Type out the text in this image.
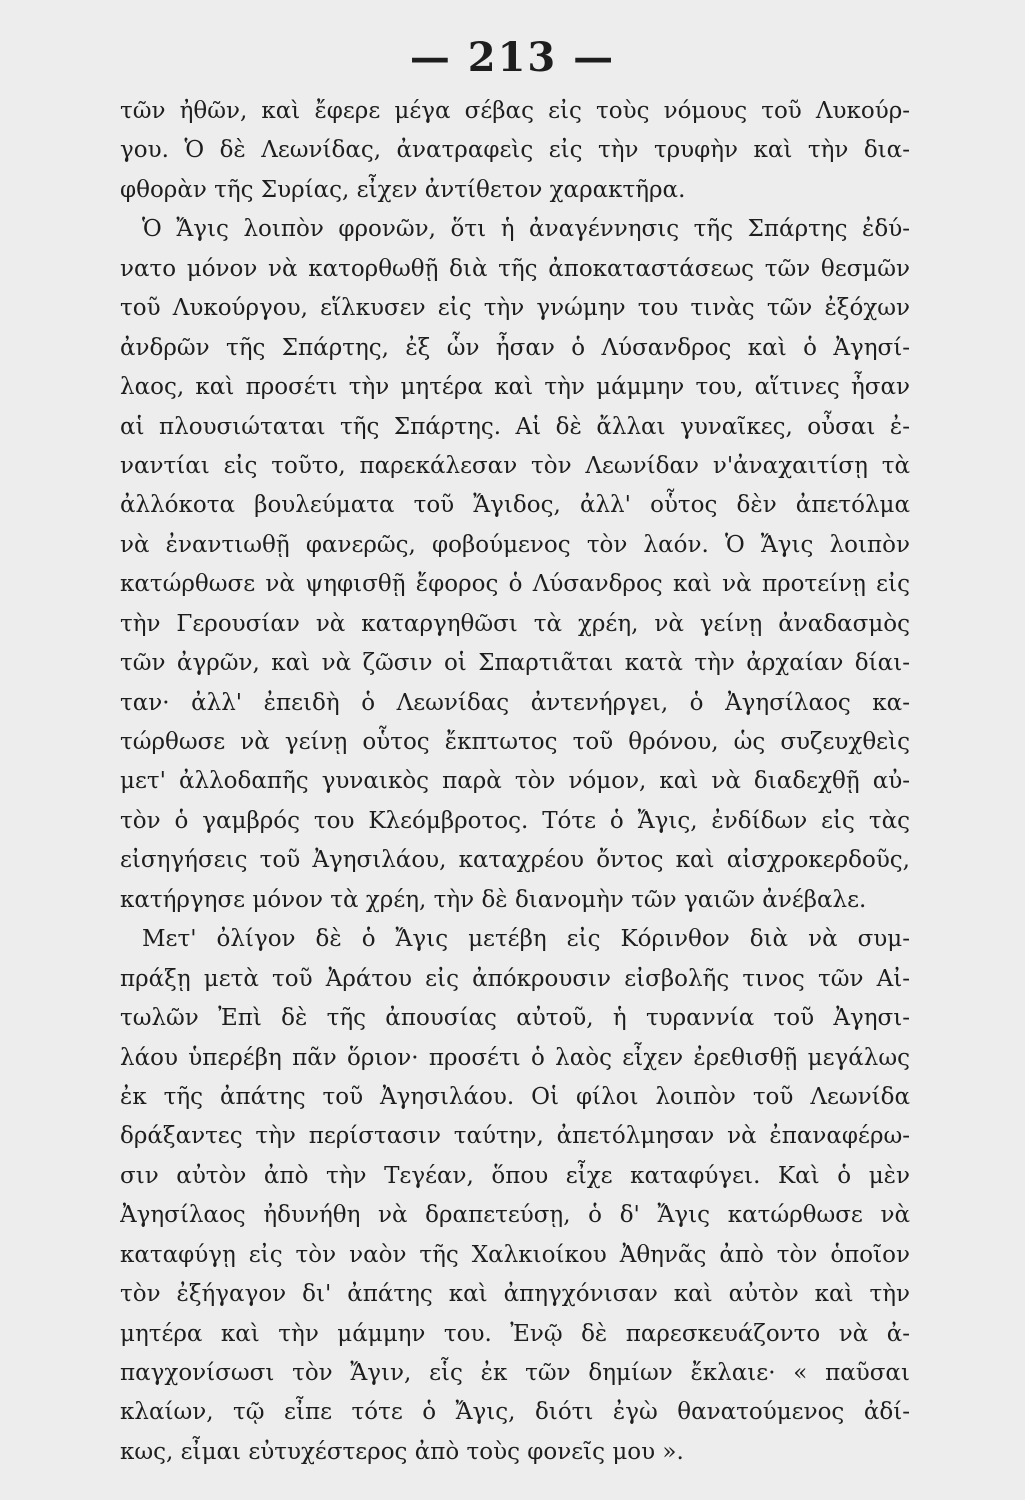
— 213 —
τῶν ἠθῶν, καὶ ἔφερε μέγα σέβας εἰς τοὺς νόμους τοῦ Λυκούρ-
γου. Ὁ δὲ Λεωνίδας, ἀνατραφεὶς εἰς τὴν τρυφὴν καὶ τὴν δια-
φθορὰν τῆς Συρίας, εἶχεν ἀντίθετον χαρακτῆρα.
Ὁ Ἄγις λοιπὸν φρονῶν, ὅτι ἡ ἀναγέννησις τῆς Σπάρτης ἐδύ-
νατο μόνον νὰ κατορθωθῇ διὰ τῆς ἀποκαταστάσεως τῶν θεσμῶν
τοῦ Λυκούργου, εἵλκυσεν εἰς τὴν γνώμην του τινὰς τῶν ἐξόχων
ἀνδρῶν τῆς Σπάρτης, ἐξ ὧν ἦσαν ὁ Λύσανδρος καὶ ὁ Ἀγησί-
λαος, καὶ προσέτι τὴν μητέρα καὶ τὴν μάμμην του, αἵτινες ἦσαν
αἱ πλουσιώταται τῆς Σπάρτης. Αἱ δὲ ἄλλαι γυναῖκες, οὖσαι ἐ-
ναντίαι εἰς τοῦτο, παρεκάλεσαν τὸν Λεωνίδαν ν'ἀναχαιτίσῃ τὰ
ἀλλόκοτα βουλεύματα τοῦ Ἄγιδος, ἀλλ' οὗτος δὲν ἀπετόλμα
νὰ ἐναντιωθῇ φανερῶς, φοβούμενος τὸν λαόν. Ὁ Ἄγις λοιπὸν
κατώρθωσε νὰ ψηφισθῇ ἔφορος ὁ Λύσανδρος καὶ νὰ προτείνῃ εἰς
τὴν Γερουσίαν νὰ καταργηθῶσι τὰ χρέη, νὰ γείνῃ ἀναδασμὸς
τῶν ἀγρῶν, καὶ νὰ ζῶσιν οἱ Σπαρτιᾶται κατὰ τὴν ἀρχαίαν δίαι-
ταν· ἀλλ' ἐπειδὴ ὁ Λεωνίδας ἀντενήργει, ὁ Ἀγησίλαος κα-
τώρθωσε νὰ γείνῃ οὗτος ἔκπτωτος τοῦ θρόνου, ὡς συζευχθεὶς
μετ' ἀλλοδαπῆς γυναικὸς παρὰ τὸν νόμον, καὶ νὰ διαδεχθῇ αὐ-
τὸν ὁ γαμβρός του Κλεόμβροτος. Τότε ὁ Ἄγις, ἐνδίδων εἰς τὰς
εἰσηγήσεις τοῦ Ἀγησιλάου, καταχρέου ὄντος καὶ αἰσχροκερδοῦς,
κατήργησε μόνον τὰ χρέη, τὴν δὲ διανομὴν τῶν γαιῶν ἀνέβαλε.
Μετ' ὀλίγον δὲ ὁ Ἄγις μετέβη εἰς Κόρινθον διὰ νὰ συμ-
πράξῃ μετὰ τοῦ Ἀράτου εἰς ἀπόκρουσιν εἰσβολῆς τινος τῶν Αἰ-
τωλῶν Ἐπὶ δὲ τῆς ἀπουσίας αὐτοῦ, ἡ τυραννία τοῦ Ἀγησι-
λάου ὑπερέβη πᾶν ὅριον· προσέτι ὁ λαὸς εἶχεν ἐρεθισθῇ μεγάλως
ἐκ τῆς ἀπάτης τοῦ Ἀγησιλάου. Οἱ φίλοι λοιπὸν τοῦ Λεωνίδα
δράξαντες τὴν περίστασιν ταύτην, ἀπετόλμησαν νὰ ἐπαναφέρω-
σιν αὐτὸν ἀπὸ τὴν Τεγέαν, ὅπου εἶχε καταφύγει. Καὶ ὁ μὲν
Ἀγησίλαος ἠδυνήθη νὰ δραπετεύσῃ, ὁ δ' Ἄγις κατώρθωσε νὰ
καταφύγῃ εἰς τὸν ναὸν τῆς Χαλκιοίκου Ἀθηνᾶς ἀπὸ τὸν ὁποῖον
τὸν ἐξήγαγον δι' ἀπάτης καὶ ἀπηγχόνισαν καὶ αὐτὸν καὶ τὴν
μητέρα καὶ τὴν μάμμην του. Ἐνῷ δὲ παρεσκευάζοντο νὰ ἀ-
παγχονίσωσι τὸν Ἄγιν, εἷς ἐκ τῶν δημίων ἔκλαιε· « παῦσαι
κλαίων, τῷ εἶπε τότε ὁ Ἄγις, διότι ἐγὼ θανατούμενος ἀδί-
κως, εἶμαι εὐτυχέστερος ἀπὸ τοὺς φονεῖς μου ».
